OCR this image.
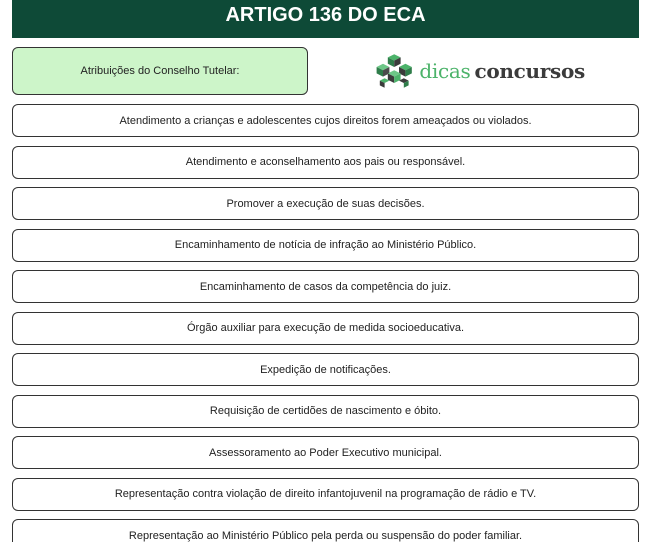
ARTIGO 136 DO ECA
Atribuições do Conselho Tutelar:	dicas concursos
Atendimento a crianças e adolescentes cujos direitos forem ameaçados ou violados.
Atendimento e aconselhamento aos pais ou responsável.
Promover a execução de suas decisões.
Encaminhamento de notícia de infração ao Ministério Público.
Encaminhamento de casos da competência do juiz.
Órgão auxiliar para execução de medida socioeducativa.
Expedição de notificações.
Requisição de certidões de nascimento e óbito.
Assessoramento ao Poder Executivo municipal.
Representação contra violação de direito infantojuvenil na programação de rádio e TV.
Representação ao Ministério Público pela perda ou suspensão do poder familiar.
